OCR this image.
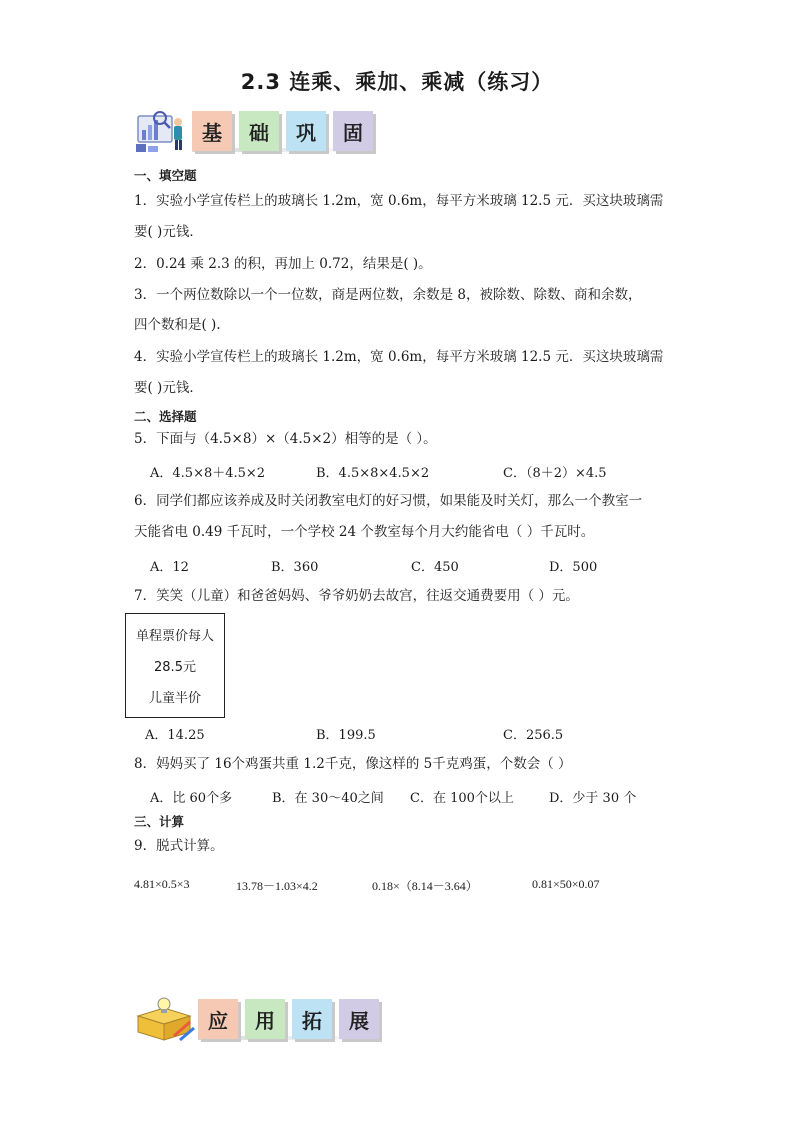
2.3 连乘、乘加、乘减（练习）
基 础 巩 固
一、填空题
1．实验小学宣传栏上的玻璃长 1.2m，宽 0.6m，每平方米玻璃 12.5 元．买这块玻璃需
要( )元钱．
2．0.24 乘 2.3 的积，再加上 0.72，结果是( )。
3．一个两位数除以一个一位数，商是两位数，余数是 8，被除数、除数、商和余数，
四个数和是( ).
4．实验小学宣传栏上的玻璃长 1.2m，宽 0.6m，每平方米玻璃 12.5 元．买这块玻璃需
要( )元钱．
二、选择题
5．下面与（4.5×8）×（4.5×2）相等的是（ ）。
A．4.5×8＋4.5×2	B．4.5×8×4.5×2	C．（8＋2）×4.5
6．同学们都应该养成及时关闭教室电灯的好习惯，如果能及时关灯，那么一个教室一
天能省电 0.49 千瓦时，一个学校 24 个教室每个月大约能省电（ ）千瓦时。
A．12	B．360	C．450	D．500
7．笑笑（儿童）和爸爸妈妈、爷爷奶奶去故宫，往返交通费要用（ ）元。
单程票价每人
28.5元
儿童半价
A．14.25	B．199.5	C．256.5
8．妈妈买了 16个鸡蛋共重 1.2千克，像这样的 5千克鸡蛋，个数会（ ）
A．比 60个多	B．在 30～40之间 C．在 100个以上	D．少于 30 个
三、计算
9．脱式计算。
4.81×0.5×3	13.78－1.03×4.2	0.18×（8.14－3.64）	0.81×50×0.07
应 用 拓 展
